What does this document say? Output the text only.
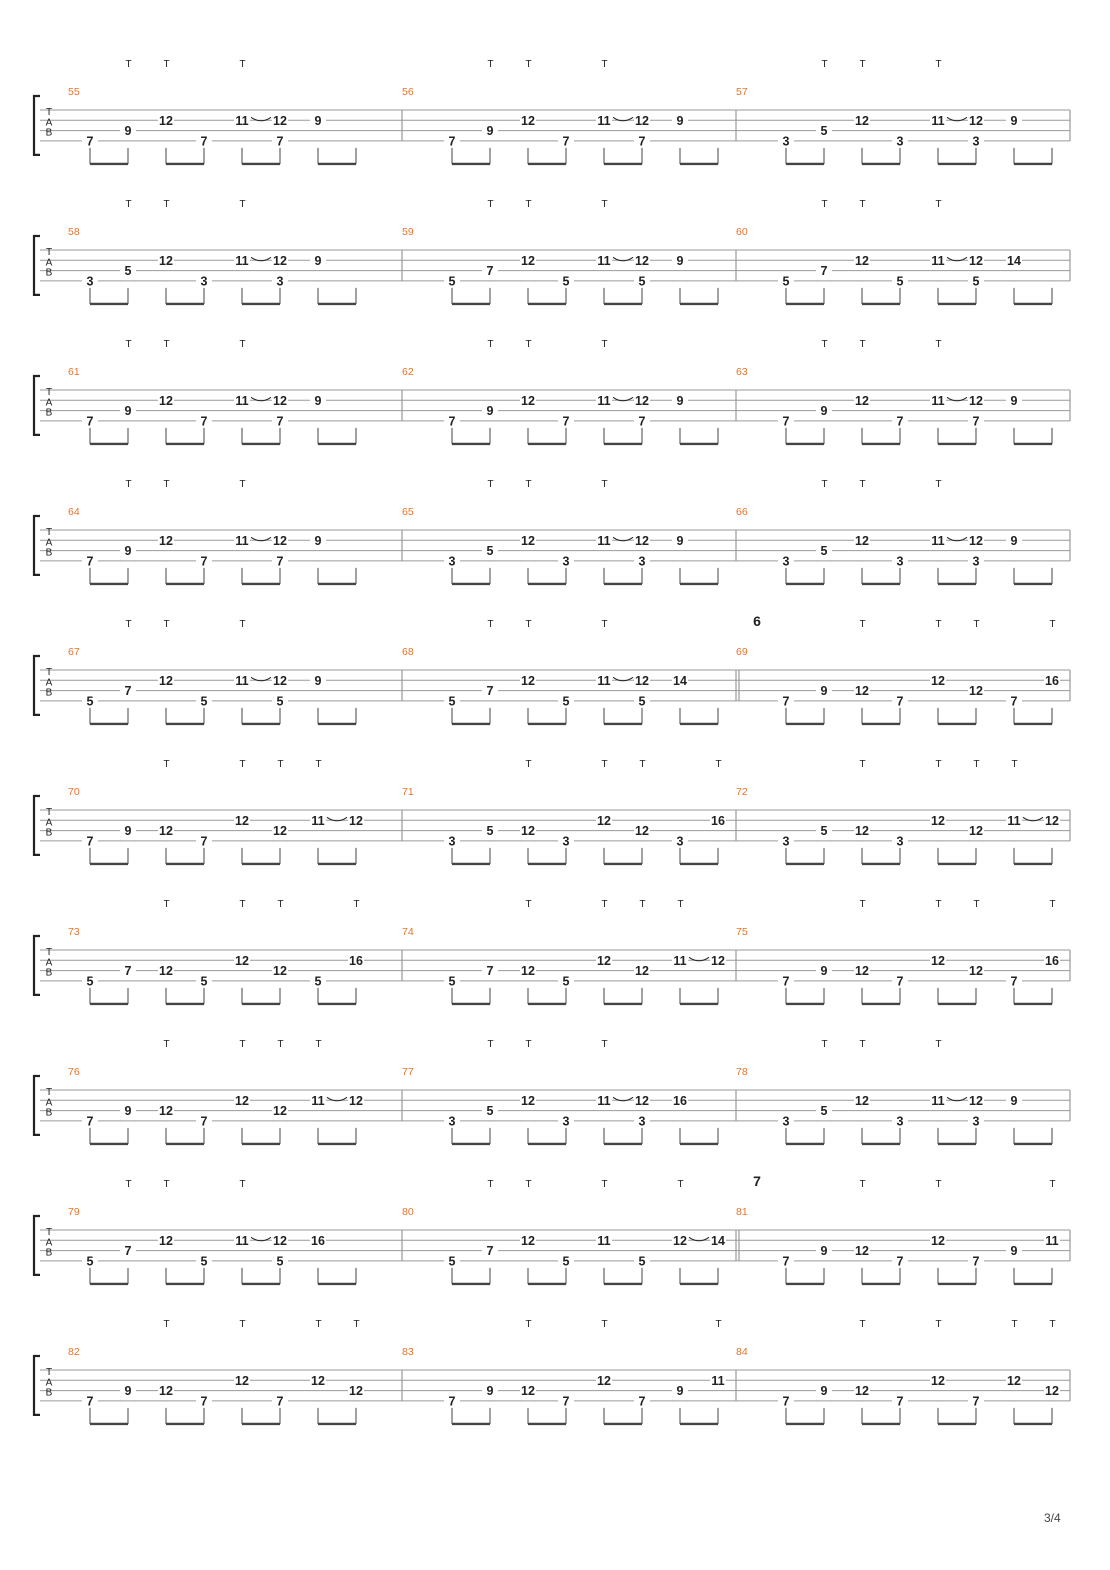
T
A
B
55
T	T	T
7
9
12
7
11 12
7
9
56
T	T	T
7
9
12
7
11 12
7
9
57
T	T	T
3
5
12
3
11 12
3
9
T
A
B
58
T	T	T
3
5
12
3
11 12
3
9
59
T	T	T
5
7
12
5
11 12
5
9
60
T	T	T
5
7
12
5
11 12
5
14
T
A
B
61
T	T	T
7
9
12
7
11 12
7
9
62
T	T	T
7
9
12
7
11 12
7
9
63
T	T	T
7
9
12
7
11 12
7
9
T
A
B
64
T	T	T
7
9
12
7
11 12
7
9
65
T	T	T
3
5
12
3
11 12
3
9
66
T	T	T
3
5
12
3
11 12
3
9
T
A
B
67
T	T	T
5
7
12
5
11 12
5
9
68
T	T	T
5
7
12
5
11 12
5
14
69
6	T	T	T	T
7
9 12
7
12
12
7
16
T
A
B
70
T	T	T	T
7
9 12
7
12
12
11 12
71
T	T	T	T
3
5 12
3
12
12
3
16
72
T	T	T	T
3
5 12
3
12
12
11 12
T
A
B
73
T	T	T	T
5
7 12
5
12
12
5
16
74
T	T	T	T
5
7 12
5
12
12
11 12
75
T	T	T	T
7
9 12
7
12
12
7
16
T
A
B
76
T	T	T	T
7
9 12
7
12
12
11 12
77
T	T	T
3
5
12
3
11 12
3
16
78
T	T	T
3
5
12
3
11 12
3
9
T
A
B
79
T	T	T
5
7
12
5
11 12
5
16
80
T	T	T	T
5
7
12
5
11
5
12 14
81
7	T	T	T
7
9 12
7
12
7
9
11
T
A
B
82
T	T	T	T
7
9 12
7
12
7
12
12
83
T	T	T
7
9 12
7
12
7
9
11
84
T	T	T	T
7
9 12
7
12
7
12
12
3/4
